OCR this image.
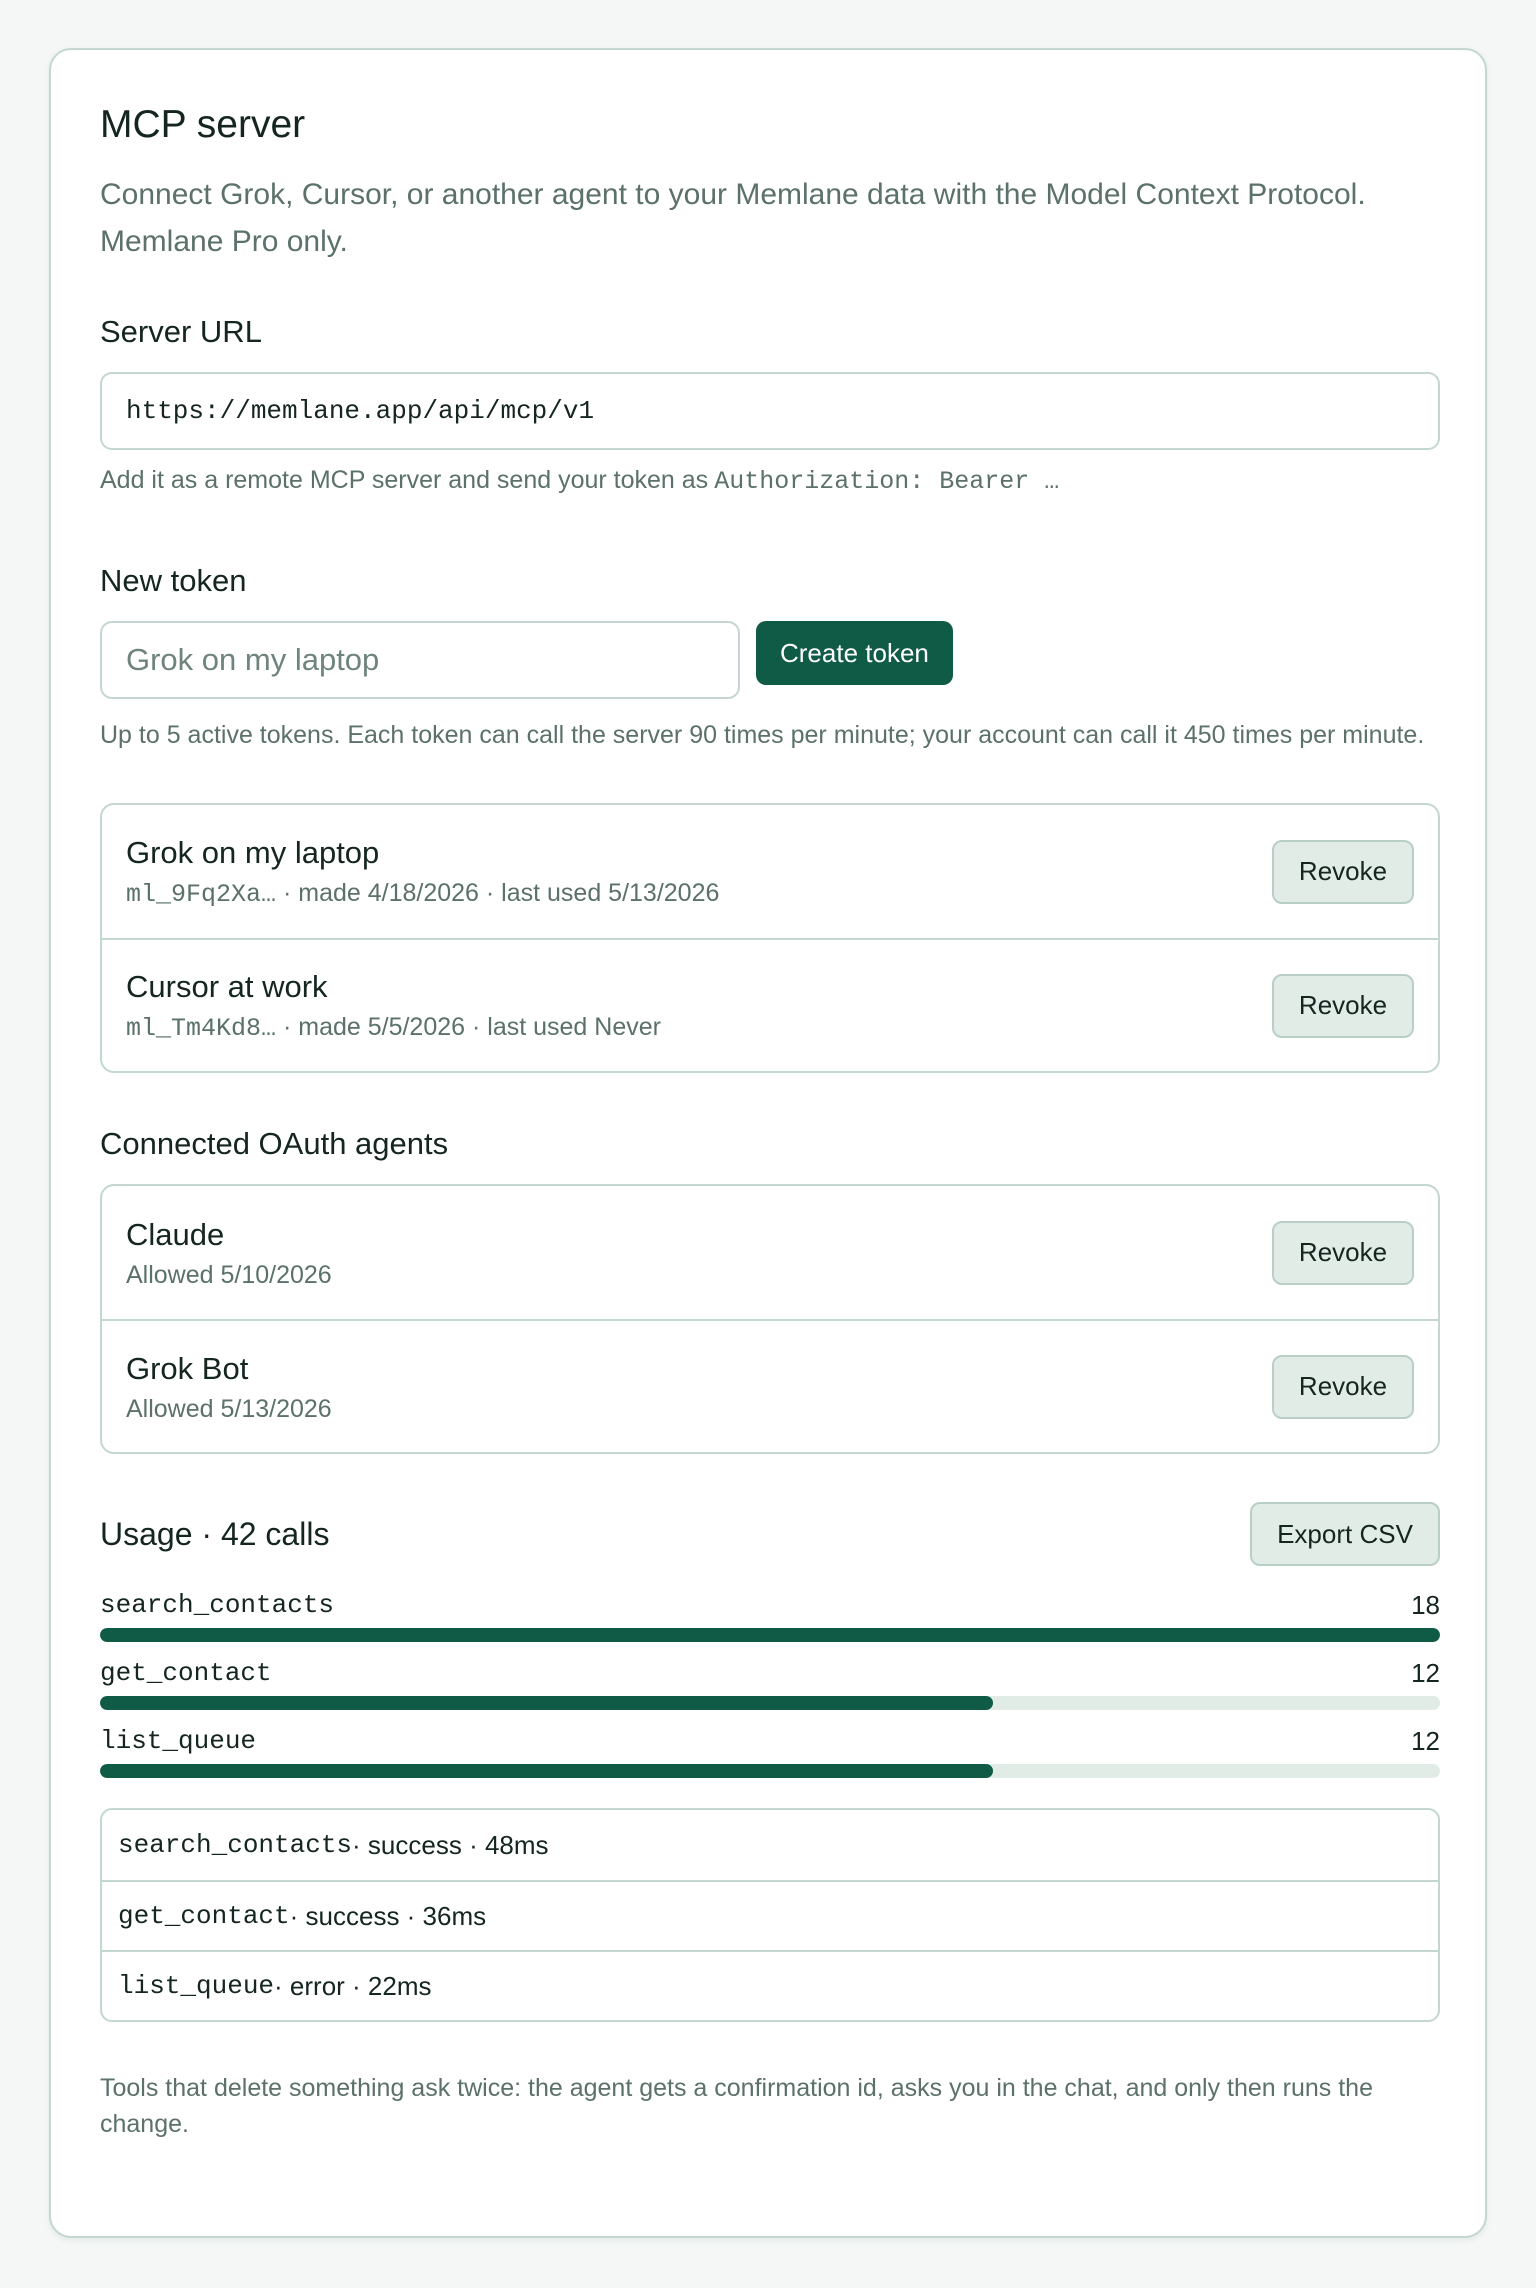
MCP server

Connect Grok, Cursor, or another agent to your Memlane data with the Model Context Protocol. Memlane Pro only.

Server URL
https://memlane.app/api/mcp/v1
Add it as a remote MCP server and send your token as Authorization: Bearer …
New token
Grok on my laptop
Create token
Up to 5 active tokens. Each token can call the server 90 times per minute; your account can call it 450 times per minute.
Grok on my laptop
ml_9Fq2Xa… · made 4/18/2026 · last used 5/13/2026
Revoke
Cursor at work
ml_Tm4Kd8… · made 5/5/2026 · last used Never
Revoke
Connected OAuth agents
Claude
Allowed 5/10/2026
Revoke
Grok Bot
Allowed 5/13/2026
Revoke
Usage · 42 calls	Export CSV
search_contacts	18
get_contact	12
list_queue	12
search_contacts · success · 48ms
get_contact · success · 36ms
list_queue · error · 22ms
Tools that delete something ask twice: the agent gets a confirmation id, asks you in the chat, and only then runs the change.
